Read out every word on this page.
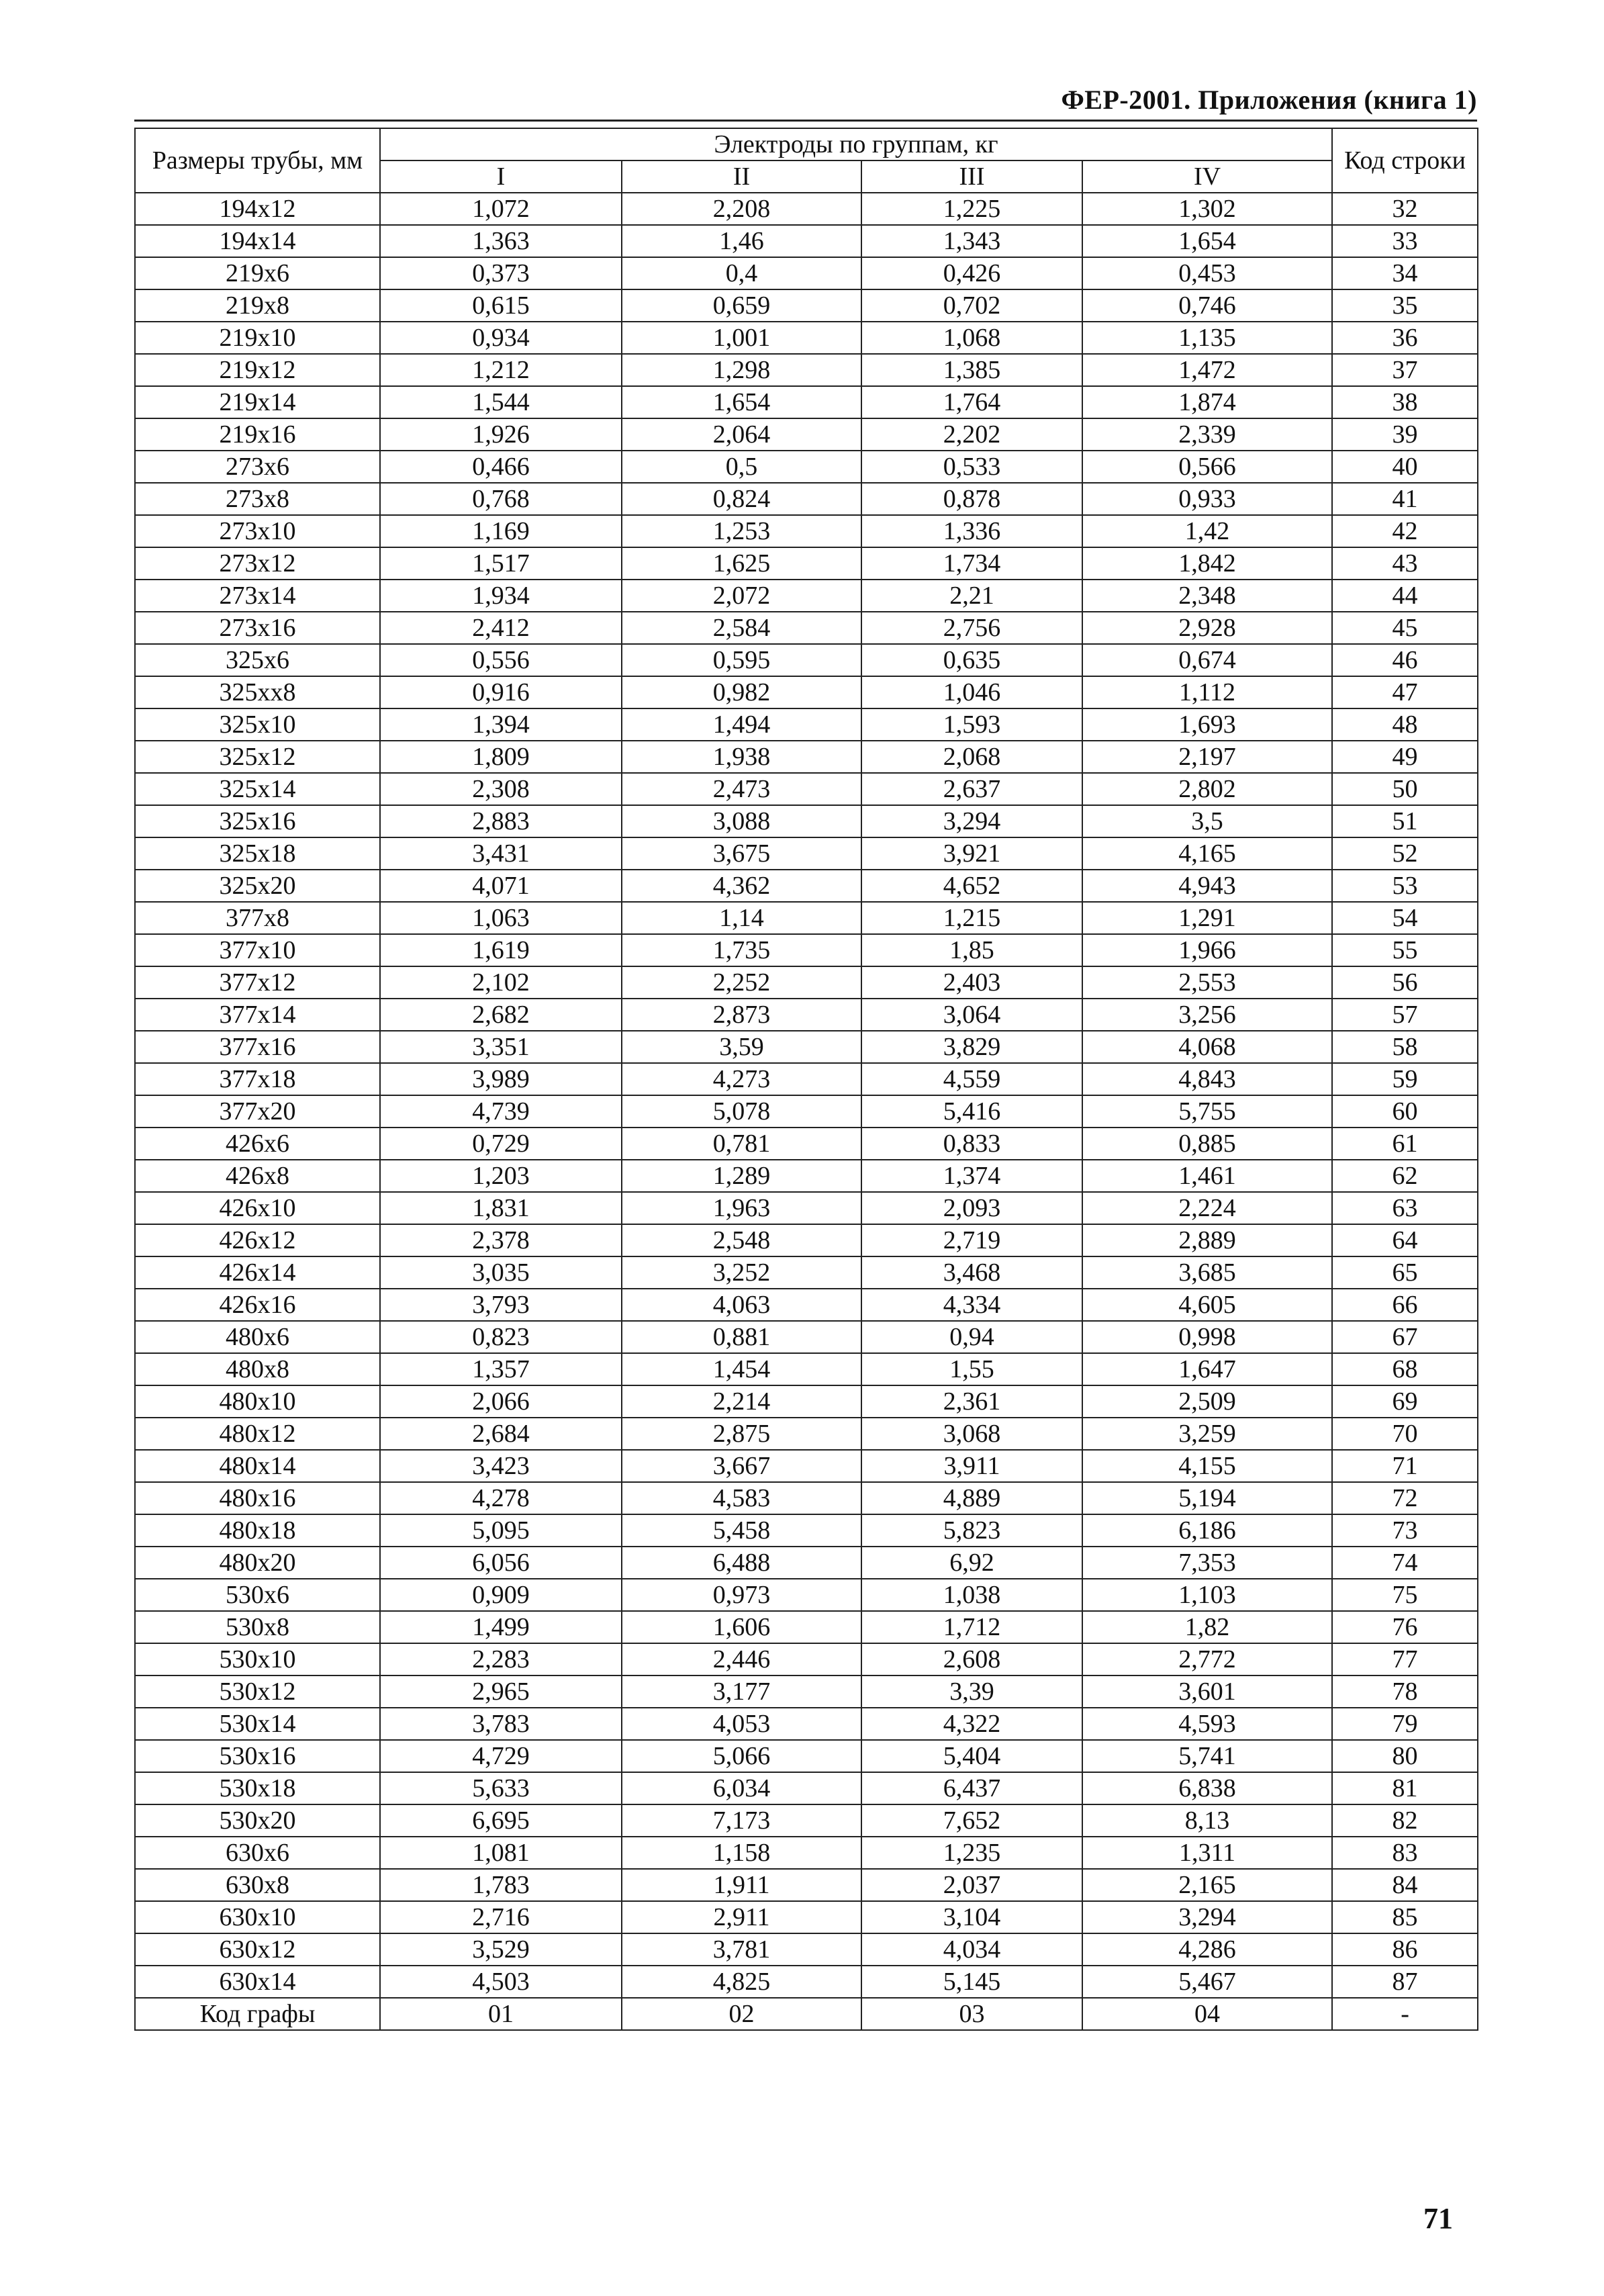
ФЕР-2001. Приложения (книга 1)
Размеры трубы, мм	Электроды по группам, кг				Код строки
	I	II	III	IV	
194x12	1,072	2,208	1,225	1,302	32
194x14	1,363	1,46	1,343	1,654	33
219x6	0,373	0,4	0,426	0,453	34
219x8	0,615	0,659	0,702	0,746	35
219x10	0,934	1,001	1,068	1,135	36
219x12	1,212	1,298	1,385	1,472	37
219x14	1,544	1,654	1,764	1,874	38
219x16	1,926	2,064	2,202	2,339	39
273x6	0,466	0,5	0,533	0,566	40
273x8	0,768	0,824	0,878	0,933	41
273x10	1,169	1,253	1,336	1,42	42
273x12	1,517	1,625	1,734	1,842	43
273x14	1,934	2,072	2,21	2,348	44
273x16	2,412	2,584	2,756	2,928	45
325x6	0,556	0,595	0,635	0,674	46
325xx8	0,916	0,982	1,046	1,112	47
325x10	1,394	1,494	1,593	1,693	48
325x12	1,809	1,938	2,068	2,197	49
325x14	2,308	2,473	2,637	2,802	50
325x16	2,883	3,088	3,294	3,5	51
325x18	3,431	3,675	3,921	4,165	52
325x20	4,071	4,362	4,652	4,943	53
377x8	1,063	1,14	1,215	1,291	54
377x10	1,619	1,735	1,85	1,966	55
377x12	2,102	2,252	2,403	2,553	56
377x14	2,682	2,873	3,064	3,256	57
377x16	3,351	3,59	3,829	4,068	58
377x18	3,989	4,273	4,559	4,843	59
377x20	4,739	5,078	5,416	5,755	60
426x6	0,729	0,781	0,833	0,885	61
426x8	1,203	1,289	1,374	1,461	62
426x10	1,831	1,963	2,093	2,224	63
426x12	2,378	2,548	2,719	2,889	64
426x14	3,035	3,252	3,468	3,685	65
426x16	3,793	4,063	4,334	4,605	66
480x6	0,823	0,881	0,94	0,998	67
480x8	1,357	1,454	1,55	1,647	68
480x10	2,066	2,214	2,361	2,509	69
480x12	2,684	2,875	3,068	3,259	70
480x14	3,423	3,667	3,911	4,155	71
480x16	4,278	4,583	4,889	5,194	72
480x18	5,095	5,458	5,823	6,186	73
480x20	6,056	6,488	6,92	7,353	74
530x6	0,909	0,973	1,038	1,103	75
530x8	1,499	1,606	1,712	1,82	76
530x10	2,283	2,446	2,608	2,772	77
530x12	2,965	3,177	3,39	3,601	78
530x14	3,783	4,053	4,322	4,593	79
530x16	4,729	5,066	5,404	5,741	80
530x18	5,633	6,034	6,437	6,838	81
530x20	6,695	7,173	7,652	8,13	82
630x6	1,081	1,158	1,235	1,311	83
630x8	1,783	1,911	2,037	2,165	84
630x10	2,716	2,911	3,104	3,294	85
630x12	3,529	3,781	4,034	4,286	86
630x14	4,503	4,825	5,145	5,467	87
Код графы	01	02	03	04	-
71
